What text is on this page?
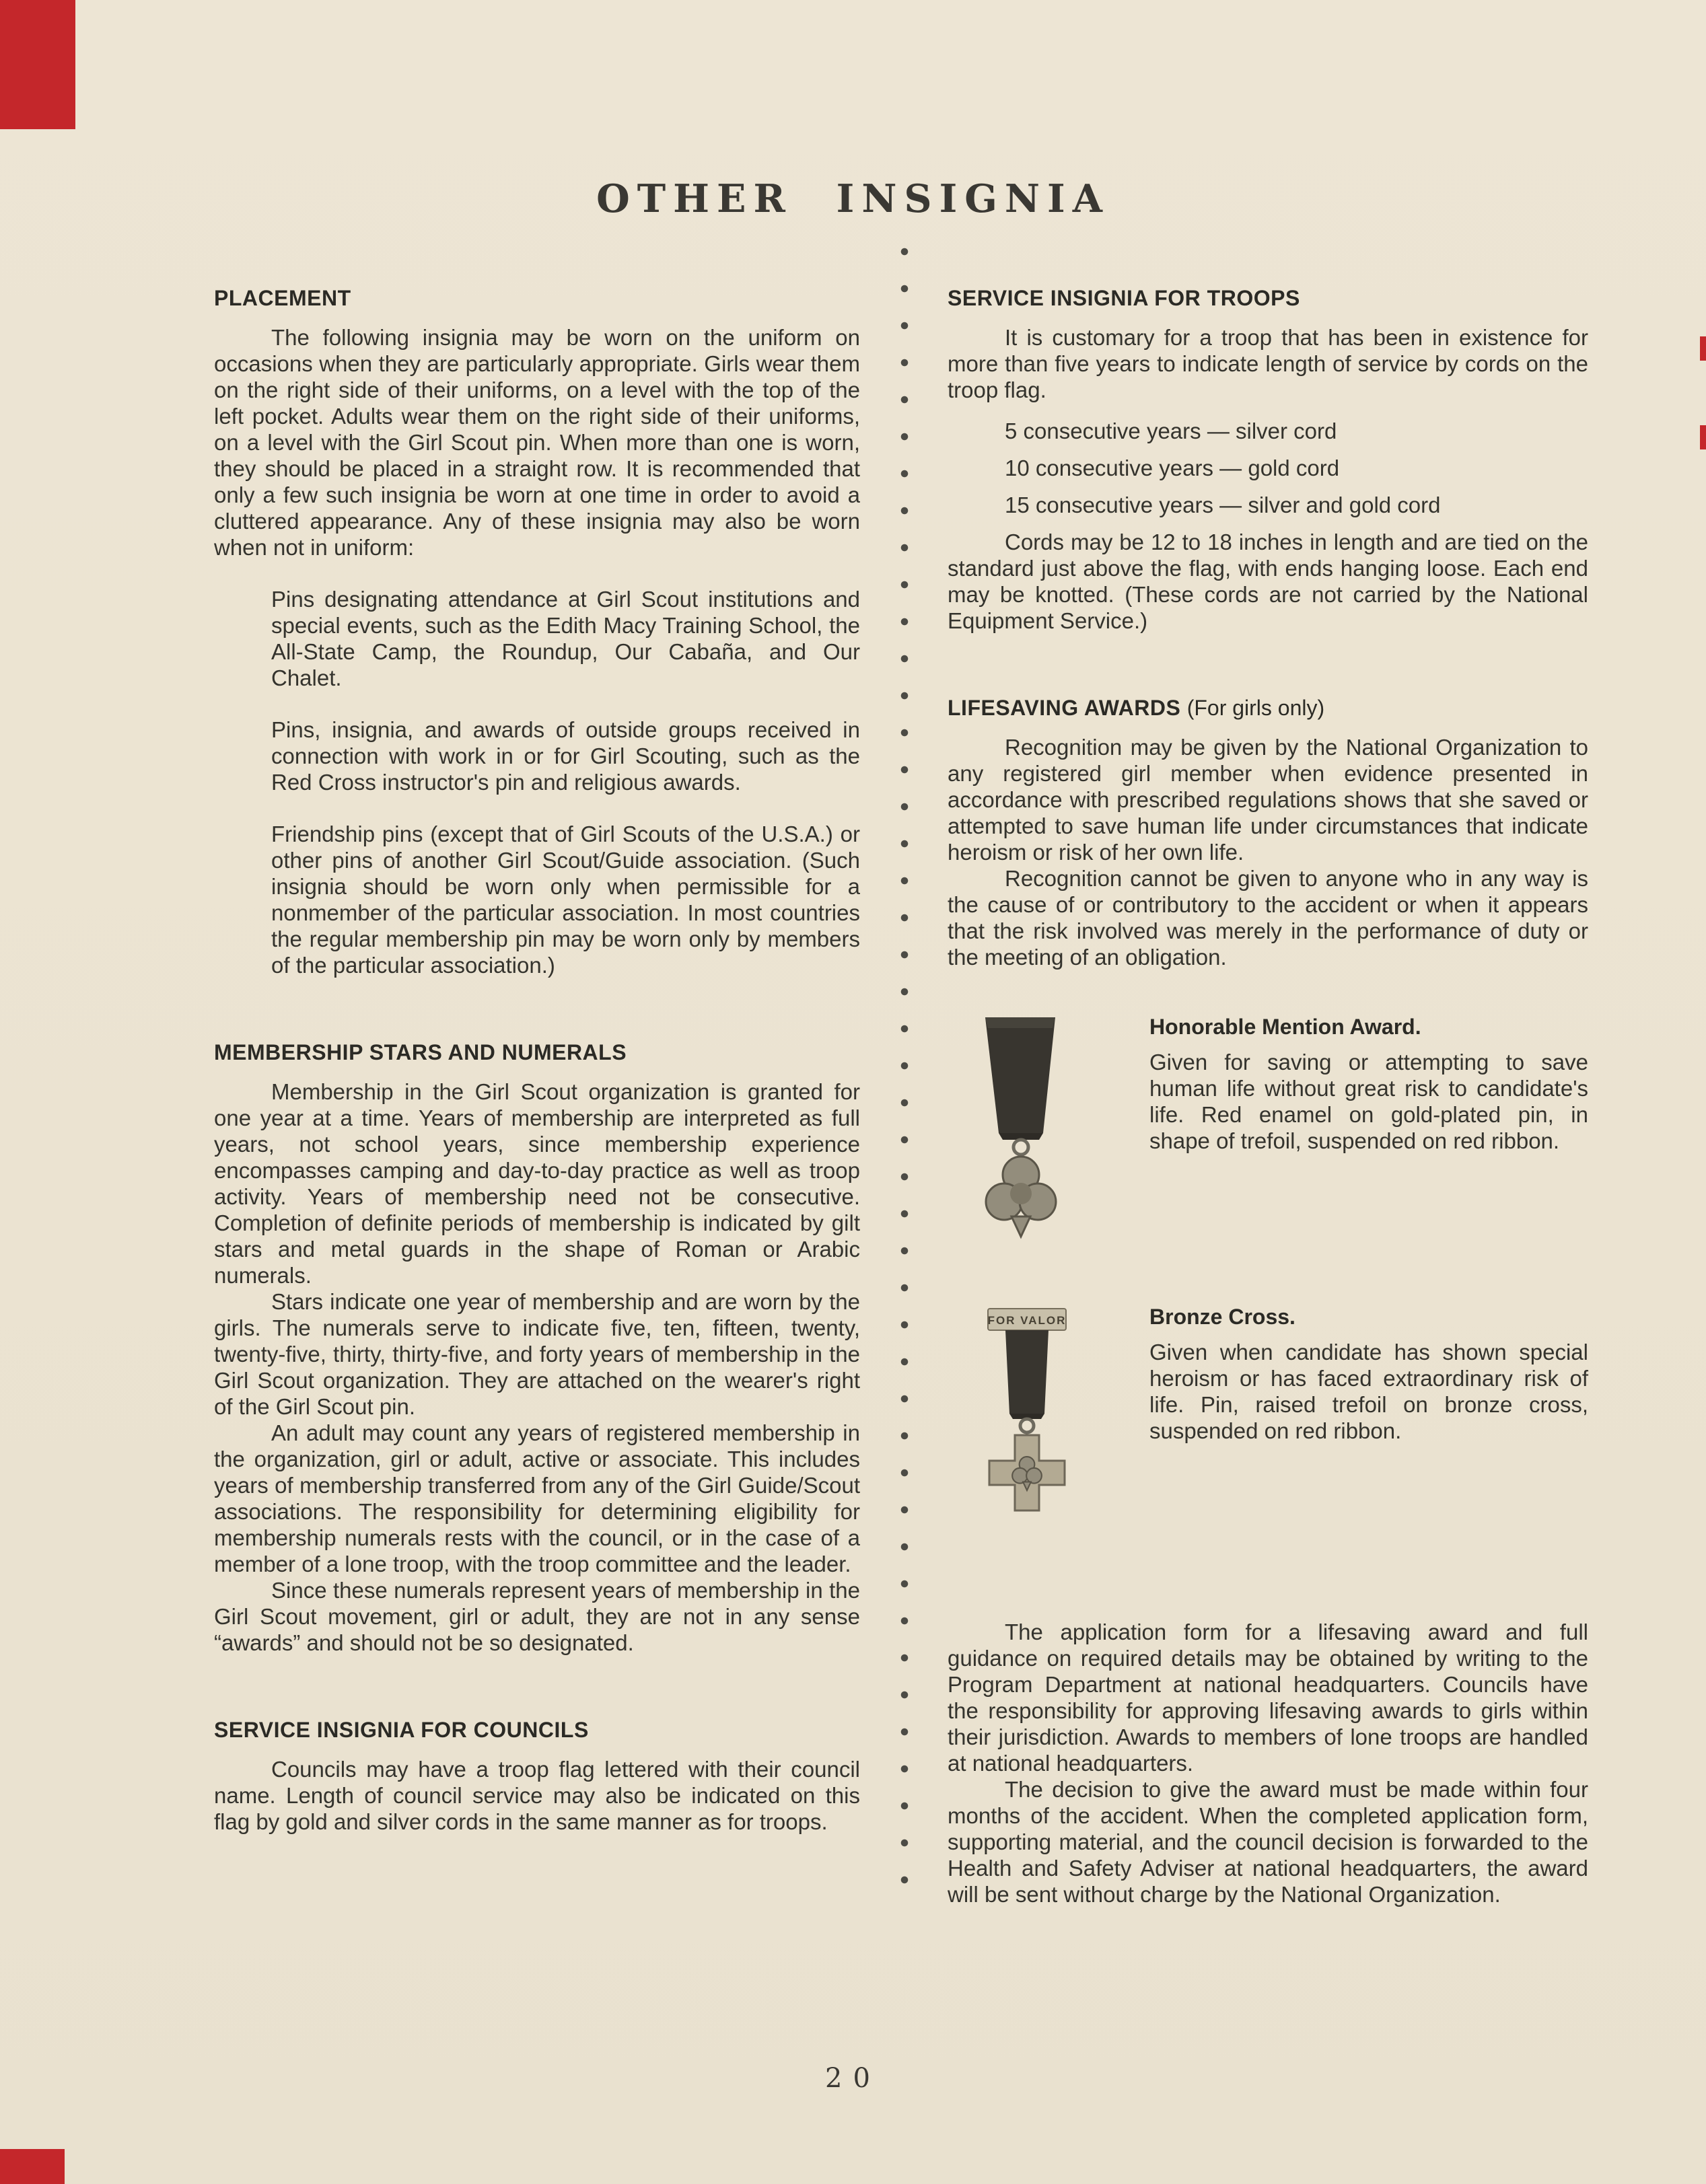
OTHER INSIGNIA
PLACEMENT

The following insignia may be worn on the uniform on occasions when they are particularly appropriate. Girls wear them on the right side of their uniforms, on a level with the top of the left pocket. Adults wear them on the right side of their uniforms, on a level with the Girl Scout pin. When more than one is worn, they should be placed in a straight row. It is recommended that only a few such insignia be worn at one time in order to avoid a cluttered appearance. Any of these insignia may also be worn when not in uniform:

Pins designating attendance at Girl Scout institutions and special events, such as the Edith Macy Training School, the All-State Camp, the Roundup, Our Cabaña, and Our Chalet.

Pins, insignia, and awards of outside groups received in connection with work in or for Girl Scouting, such as the Red Cross instructor's pin and religious awards.

Friendship pins (except that of Girl Scouts of the U.S.A.) or other pins of another Girl Scout/Guide association. (Such insignia should be worn only when permissible for a nonmember of the particular association. In most countries the regular membership pin may be worn only by members of the particular association.)

MEMBERSHIP STARS AND NUMERALS

Membership in the Girl Scout organization is granted for one year at a time. Years of membership are interpreted as full years, not school years, since membership experience encompasses camping and day-to-day practice as well as troop activity. Years of membership need not be consecutive. Completion of definite periods of membership is indicated by gilt stars and metal guards in the shape of Roman or Arabic numerals.

Stars indicate one year of membership and are worn by the girls. The numerals serve to indicate five, ten, fifteen, twenty, twenty-five, thirty, thirty-five, and forty years of membership in the Girl Scout organization. They are attached on the wearer's right of the Girl Scout pin.

An adult may count any years of registered membership in the organization, girl or adult, active or associate. This includes years of membership transferred from any of the Girl Guide/Scout associations. The responsibility for determining eligibility for membership numerals rests with the council, or in the case of a member of a lone troop, with the troop committee and the leader.

Since these numerals represent years of membership in the Girl Scout movement, girl or adult, they are not in any sense “awards” and should not be so designated.

SERVICE INSIGNIA FOR COUNCILS

Councils may have a troop flag lettered with their council name. Length of council service may also be indicated on this flag by gold and silver cords in the same manner as for troops.

SERVICE INSIGNIA FOR TROOPS

It is customary for a troop that has been in existence for more than five years to indicate length of service by cords on the troop flag.

5 consecutive years — silver cord
10 consecutive years — gold cord
15 consecutive years — silver and gold cord

Cords may be 12 to 18 inches in length and are tied on the standard just above the flag, with ends hanging loose. Each end may be knotted. (These cords are not carried by the National Equipment Service.)

LIFESAVING AWARDS (For girls only)

Recognition may be given by the National Organization to any registered girl member when evidence presented in accordance with prescribed regulations shows that she saved or attempted to save human life under circumstances that indicate heroism or risk of her own life.

Recognition cannot be given to anyone who in any way is the cause of or contributory to the accident or when it appears that the risk involved was merely in the performance of duty or the meeting of an obligation.

Honorable Mention Award.

Given for saving or attempting to save human life without great risk to candidate's life. Red enamel on gold-plated pin, in shape of trefoil, suspended on red ribbon.

FOR VALOR	Bronze Cross.

Given when candidate has shown special heroism or has faced extraordinary risk of life. Pin, raised trefoil on bronze cross, suspended on red ribbon.

The application form for a lifesaving award and full guidance on required details may be obtained by writing to the Program Department at national headquarters. Councils have the responsibility for approving lifesaving awards to girls within their jurisdiction. Awards to members of lone troops are handled at national headquarters.

The decision to give the award must be made within four months of the accident. When the completed application form, supporting material, and the council decision is forwarded to the Health and Safety Adviser at national headquarters, the award will be sent without charge by the National Organization.

20
